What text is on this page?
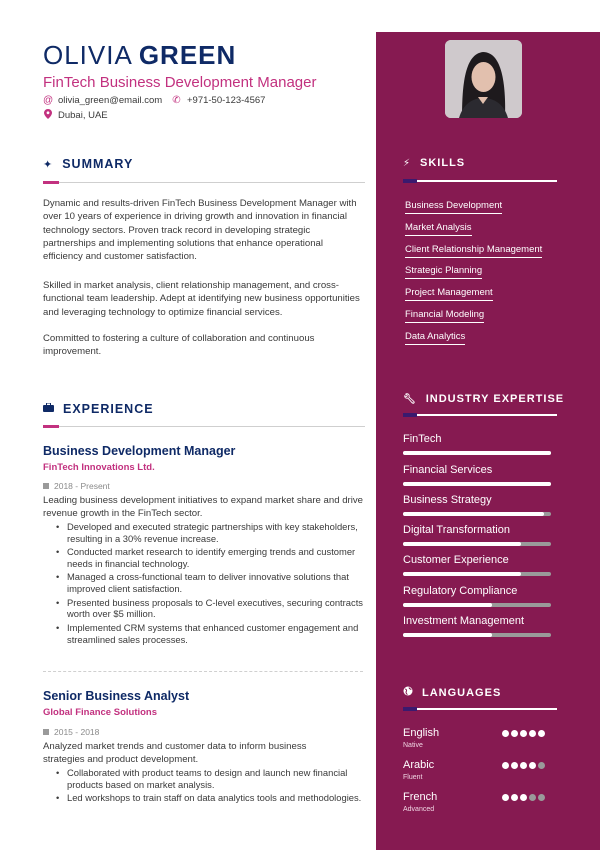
OLIVIA GREEN
FinTech Business Development Manager
@ olivia_green@email.com ✆ +971-50-123-4567
Dubai, UAE
✦ SUMMARY
Dynamic and results-driven FinTech Business Development Manager with over 10 years of experience in driving growth and innovation in financial technology sectors. Proven track record in developing strategic partnerships and implementing solutions that enhance operational efficiency and customer satisfaction.
Skilled in market analysis, client relationship management, and cross-functional team leadership. Adept at identifying new business opportunities and leveraging technology to optimize financial services.
Committed to fostering a culture of collaboration and continuous improvement.
EXPERIENCE
Business Development Manager
FinTech Innovations Ltd.
2018 - Present
Leading business development initiatives to expand market share and drive revenue growth in the FinTech sector.
• Developed and executed strategic partnerships with key stakeholders, resulting in a 30% revenue increase.
• Conducted market research to identify emerging trends and customer needs in financial technology.
• Managed a cross-functional team to deliver innovative solutions that improved client satisfaction.
• Presented business proposals to C-level executives, securing contracts worth over $5 million.
• Implemented CRM systems that enhanced customer engagement and streamlined sales processes.
Senior Business Analyst
Global Finance Solutions
2015 - 2018
Analyzed market trends and customer data to inform business strategies and product development.
• Collaborated with product teams to design and launch new financial products based on market analysis.
• Led workshops to train staff on data analytics tools and methodologies.
⚡︎ SKILLS
Business Development
Market Analysis
Client Relationship Management
Strategic Planning
Project Management
Financial Modeling
Data Analytics
🔧︎ INDUSTRY EXPERTISE
FinTech
Financial Services
Business Strategy
Digital Transformation
Customer Experience
Regulatory Compliance
Investment Management
LANGUAGES
English
Native
Arabic
Fluent
French
Advanced
